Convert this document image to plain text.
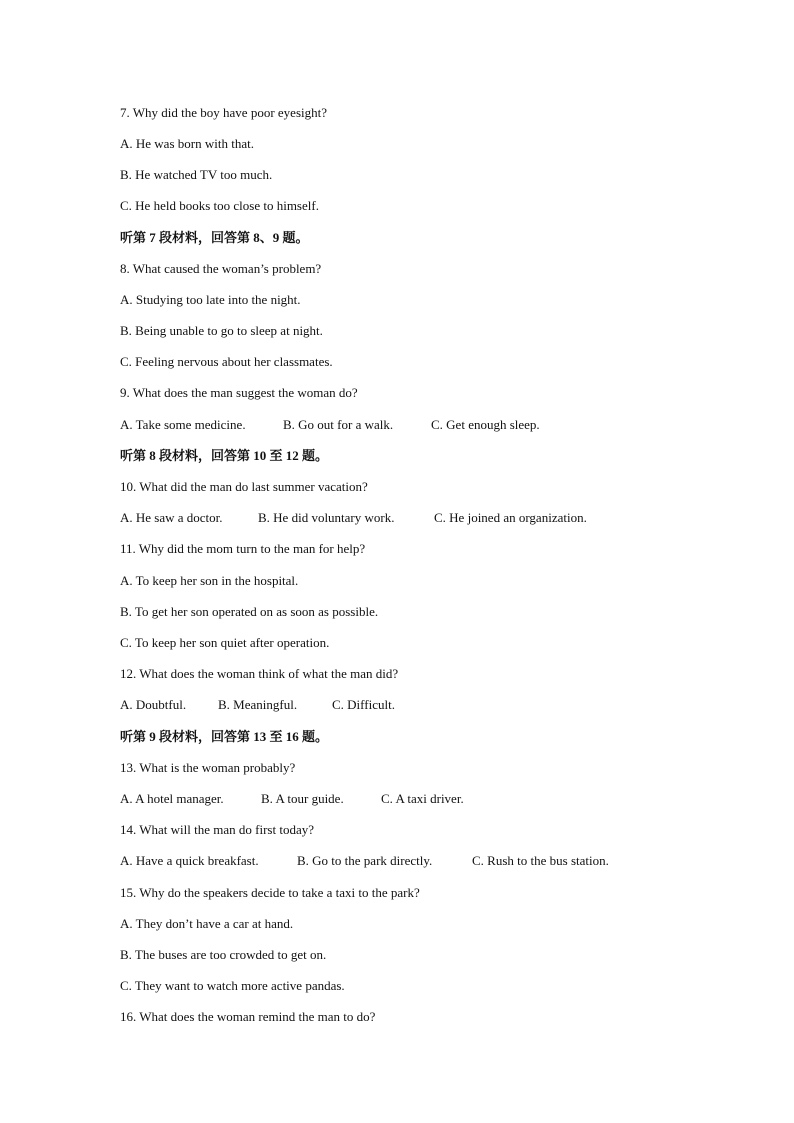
7. Why did the boy have poor eyesight?
A. He was born with that.
B. He watched TV too much.
C. He held books too close to himself.
听第 7 段材料，回答第 8、9 题。
8. What caused the woman’s problem?
A. Studying too late into the night.
B. Being unable to go to sleep at night.
C. Feeling nervous about her classmates.
9. What does the man suggest the woman do?
A. Take some medicine.	B. Go out for a walk.	C. Get enough sleep.
听第 8 段材料，回答第 10 至 12 题。
10. What did the man do last summer vacation?
A. He saw a doctor.	B. He did voluntary work.	C. He joined an organization.
11. Why did the mom turn to the man for help?
A. To keep her son in the hospital.
B. To get her son operated on as soon as possible.
C. To keep her son quiet after operation.
12. What does the woman think of what the man did?
A. Doubtful. B. Meaningful.	C. Difficult.
听第 9 段材料，回答第 13 至 16 题。
13. What is the woman probably?
A. A hotel manager.	B. A tour guide.	C. A taxi driver.
14. What will the man do first today?
A. Have a quick breakfast.	B. Go to the park directly.	C. Rush to the bus station.
15. Why do the speakers decide to take a taxi to the park?
A. They don’t have a car at hand.
B. The buses are too crowded to get on.
C. They want to watch more active pandas.
16. What does the woman remind the man to do?
